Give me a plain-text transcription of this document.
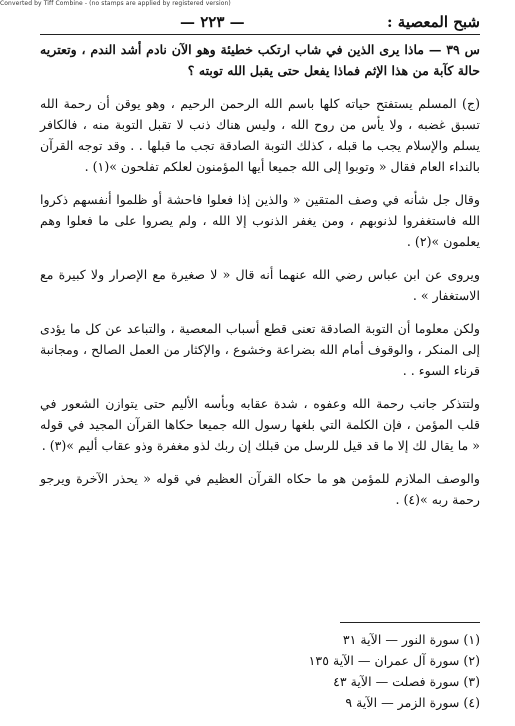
Converted by Tiff Combine - (no stamps are applied by registered version)
شبح المعصية :
— ٢٢٣ —

س ٣٩ — ماذا يرى الذين في شاب ارتكب خطيئة وهو الآن نادم أشد الندم ، وتعتريه حالة كآبة من هذا الإثم فماذا يفعل حتى يقبل الله توبته ؟

(ج) المسلم يستفتح حياته كلها باسم الله الرحمن الرحيم ، وهو يوقن أن رحمة الله تسبق غضبه ، ولا يأس من روح الله ، وليس هناك ذنب لا تقبل التوبة منه ، فالكافر يسلم والإسلام يجب ما قبله ، كذلك التوبة الصادقة تجب ما قبلها . . وقد توجه القرآن بالنداء العام فقال « وتوبوا إلى الله جميعا أيها المؤمنون لعلكم تفلحون »(١) .

وقال جل شأنه في وصف المتقين « والذين إذا فعلوا فاحشة أو ظلموا أنفسهم ذكروا الله فاستغفروا لذنوبهم ، ومن يغفر الذنوب إلا الله ، ولم يصروا على ما فعلوا وهم يعلمون »(٢) .

ويروى عن ابن عباس رضي الله عنهما أنه قال « لا صغيرة مع الإصرار ولا كبيرة مع الاستغفار » .

ولكن معلوما أن التوبة الصادقة تعنى قطع أسباب المعصية ، والتباعد عن كل ما يؤدى إلى المنكر ، والوقوف أمام الله بضراعة وخشوع ، والإكثار من العمل الصالح ، ومجانبة قرناء السوء . .

ولتتذكر جانب رحمة الله وعفوه ، شدة عقابه وبأسه الأليم حتى يتوازن الشعور في قلب المؤمن ، فإن الكلمة التي بلغها رسول الله جميعا حكاها القرآن المجيد في قوله « ما يقال لك إلا ما قد قيل للرسل من قبلك إن ربك لذو مغفرة وذو عقاب أليم »(٣) .

والوصف الملازم للمؤمن هو ما حكاه القرآن العظيم في قوله « يحذر الآخرة ويرجو رحمة ربه »(٤) .

(١) سورة النور — الآية ٣١
(٢) سورة آل عمران — الآية ١٣٥
(٣) سورة فصلت — الآية ٤٣
(٤) سورة الزمر — الآية ٩
